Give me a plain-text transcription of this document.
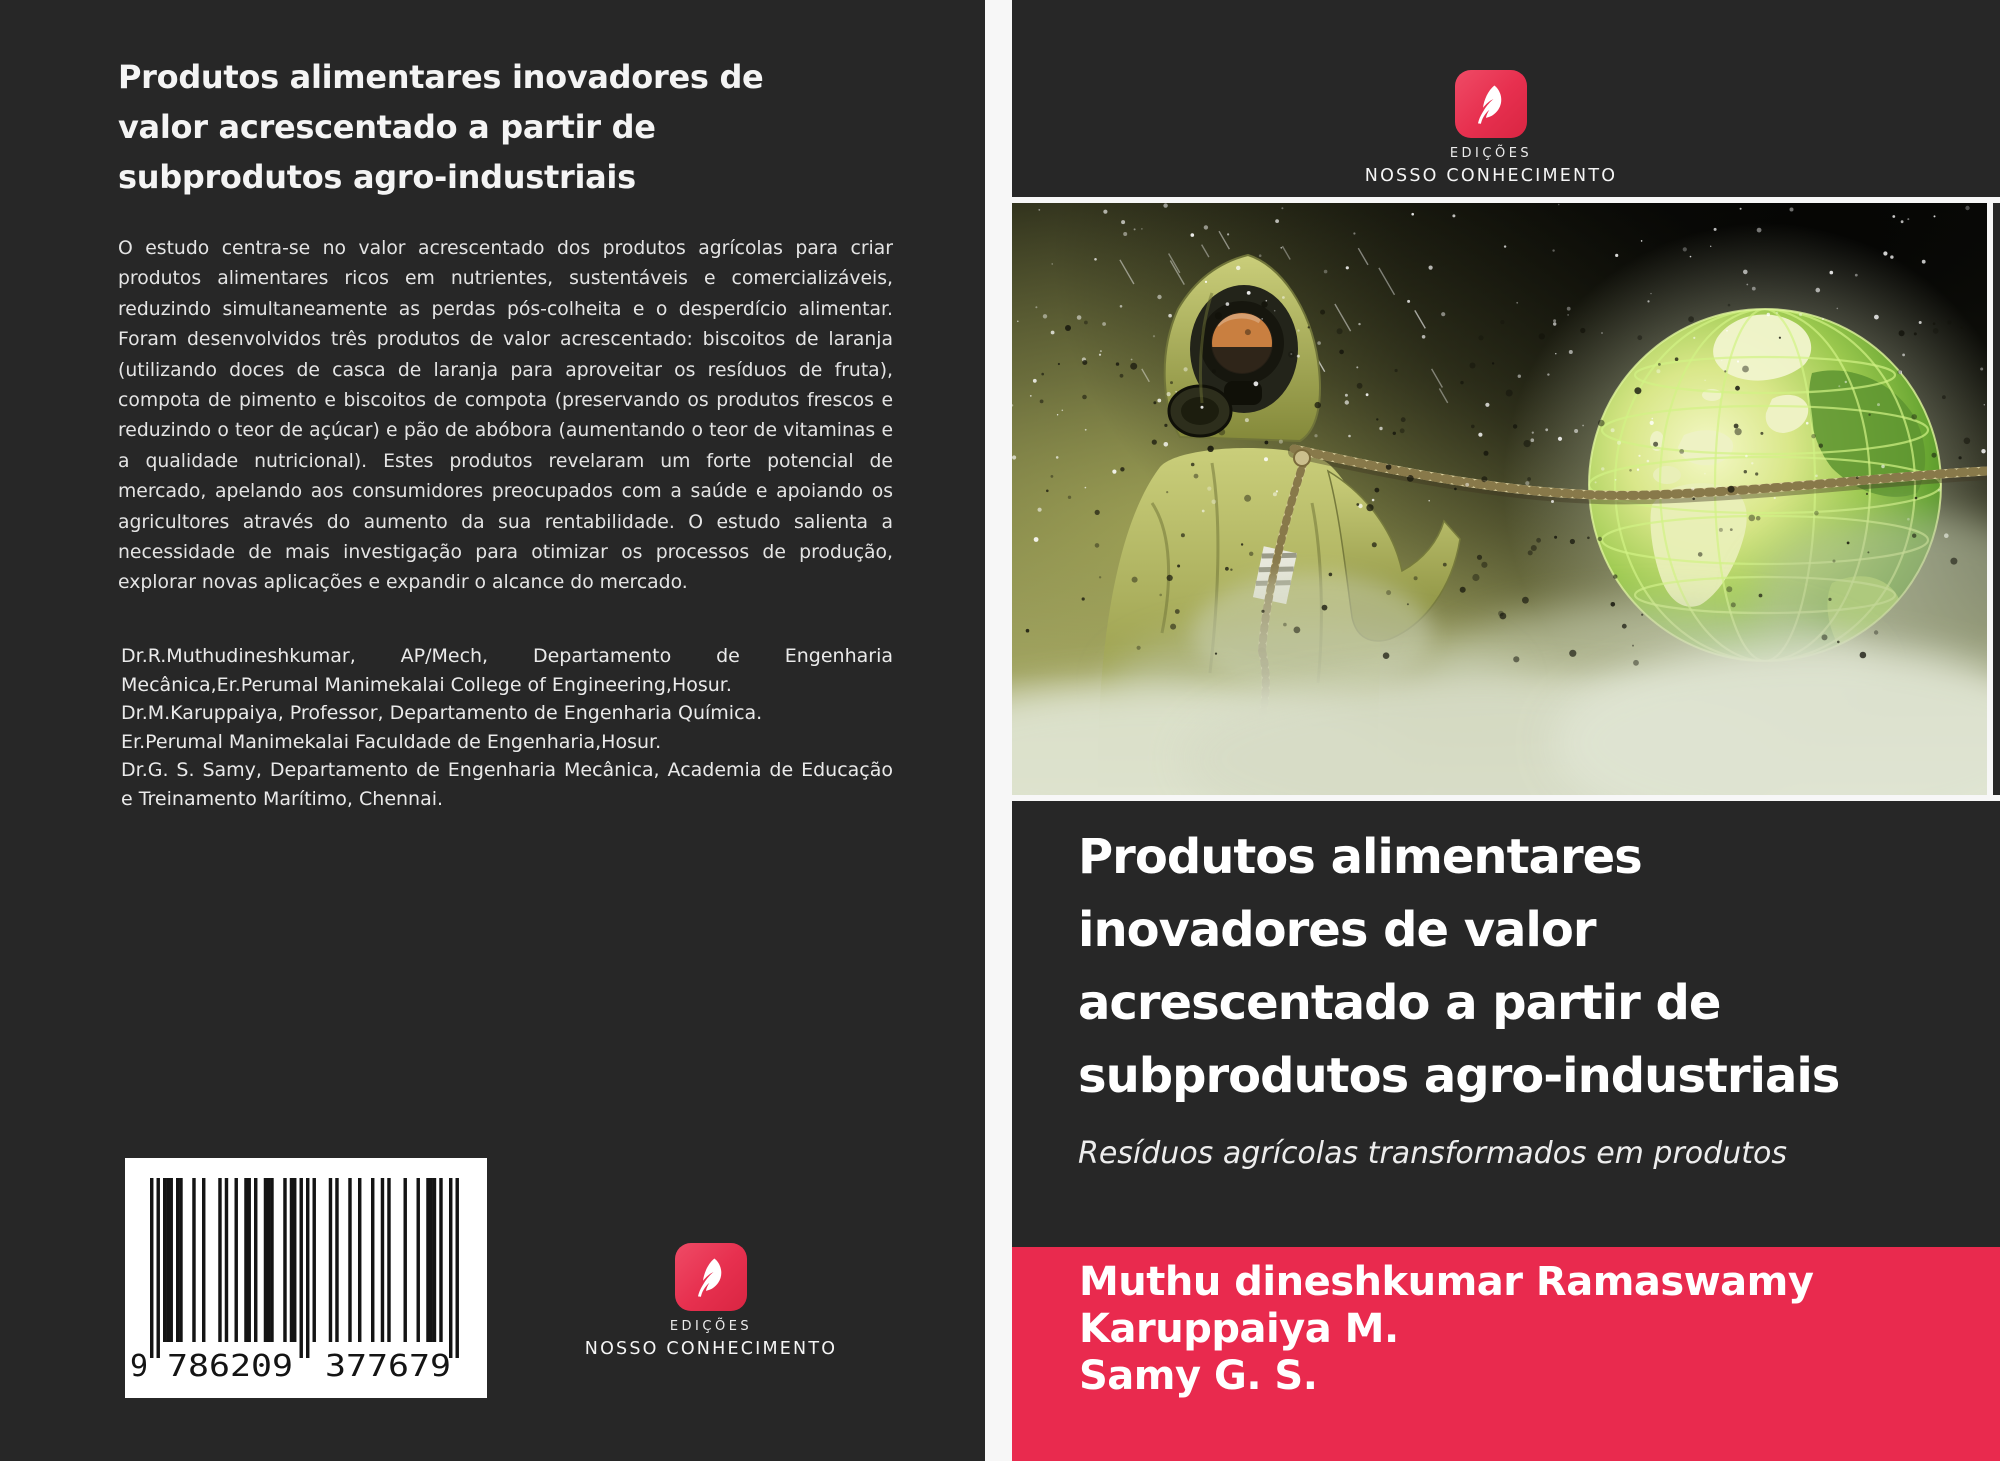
Produtos alimentares inovadores de
valor acrescentado a partir de
subprodutos agro-industriais
O estudo centra-se no valor acrescentado dos produtos agrícolas para criar produtos alimentares ricos em nutrientes, sustentáveis e comercializáveis, reduzindo simultaneamente as perdas pós-colheita e o desperdício alimentar. Foram desenvolvidos três produtos de valor acrescentado: biscoitos de laranja (utilizando doces de casca de laranja para aproveitar os resíduos de fruta), compota de pimento e biscoitos de compota (preservando os produtos frescos e reduzindo o teor de açúcar) e pão de abóbora (aumentando o teor de vitaminas e a qualidade nutricional). Estes produtos revelaram um forte potencial de mercado, apelando aos consumidores preocupados com a saúde e apoiando os agricultores através do aumento da sua rentabilidade. O estudo salienta a necessidade de mais investigação para otimizar os processos de produção, explorar novas aplicações e expandir o alcance do mercado.
Dr.R.Muthudineshkumar, AP/Mech, Departamento de Engenharia Mecânica,Er.Perumal Manimekalai College of Engineering,Hosur.
Dr.M.Karuppaiya, Professor, Departamento de Engenharia Química.
Er.Perumal Manimekalai Faculdade de Engenharia,Hosur.
Dr.G. S. Samy, Departamento de Engenharia Mecânica, Academia de Educação e Treinamento Marítimo, Chennai.
9 786209 377679
EDIÇÕES
NOSSO CONHECIMENTO
EDIÇÕES
NOSSO CONHECIMENTO
Produtos alimentares
inovadores de valor
acrescentado a partir de
subprodutos agro-industriais
Resíduos agrícolas transformados em produtos
Muthu dineshkumar Ramaswamy
Karuppaiya M.
Samy G. S.
